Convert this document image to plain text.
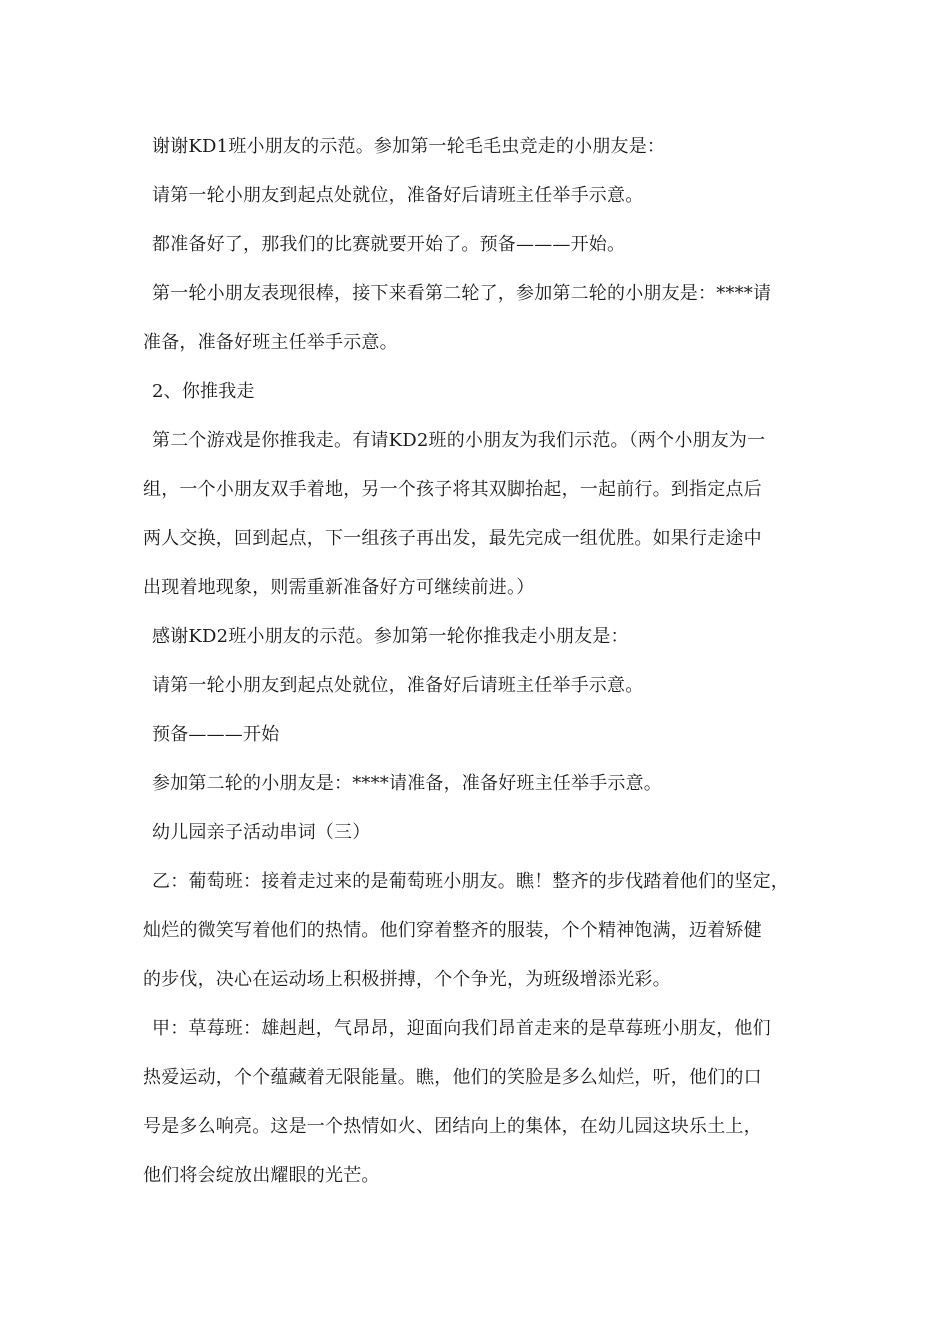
谢谢KD1班小朋友的示范。参加第一轮毛毛虫竞走的小朋友是：
请第一轮小朋友到起点处就位，准备好后请班主任举手示意。
都准备好了，那我们的比赛就要开始了。预备———开始。
第一轮小朋友表现很棒，接下来看第二轮了，参加第二轮的小朋友是：****请
准备，准备好班主任举手示意。
2、你推我走
第二个游戏是你推我走。有请KD2班的小朋友为我们示范。（两个小朋友为一
组，一个小朋友双手着地，另一个孩子将其双脚抬起，一起前行。到指定点后
两人交换，回到起点，下一组孩子再出发，最先完成一组优胜。如果行走途中
出现着地现象，则需重新准备好方可继续前进。）
感谢KD2班小朋友的示范。参加第一轮你推我走小朋友是：
请第一轮小朋友到起点处就位，准备好后请班主任举手示意。
预备———开始
参加第二轮的小朋友是：****请准备，准备好班主任举手示意。
幼儿园亲子活动串词（三）
乙：葡萄班：接着走过来的是葡萄班小朋友。瞧！整齐的步伐踏着他们的坚定，
灿烂的微笑写着他们的热情。他们穿着整齐的服装，个个精神饱满，迈着矫健
的步伐，决心在运动场上积极拼搏，个个争光，为班级增添光彩。
甲：草莓班：雄赳赳，气昂昂，迎面向我们昂首走来的是草莓班小朋友，他们
热爱运动，个个蕴藏着无限能量。瞧，他们的笑脸是多么灿烂，听，他们的口
号是多么响亮。这是一个热情如火、团结向上的集体，在幼儿园这块乐土上，
他们将会绽放出耀眼的光芒。
